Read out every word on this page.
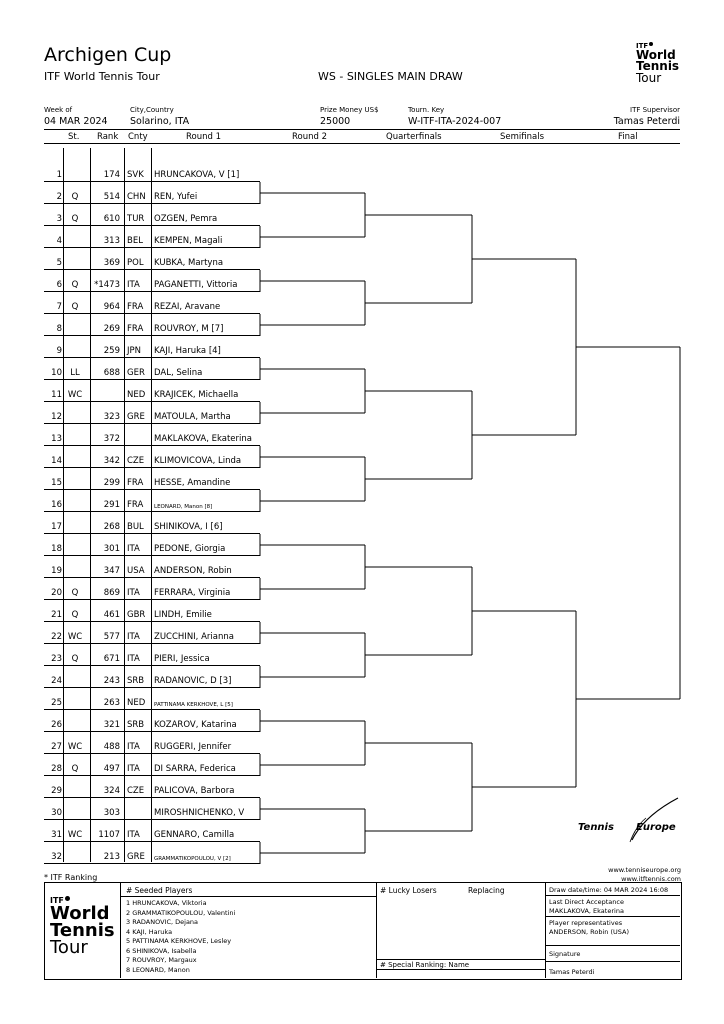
Archigen Cup
ITF World Tennis Tour	WS - SINGLES MAIN DRAW
ITF
World
Tennis
Tour
Week of
04 MAR 2024
City,Country
Solarino, ITA
Prize Money US$
25000
Tourn. Key
W-ITF-ITA-2024-007
ITF Supervisor
Tamas Peterdi
St. Rank Cnty	Round 1	Round 2	Quarterfinals	Semifinals	Final
1	174 SVK	HRUNCAKOVA, V [1]
2	Q	514 CHN REN, Yufei
3	Q	610 TUR	OZGEN, Pemra
4	313 BEL	KEMPEN, Magali
5	369 POL	KUBKA, Martyna
6	Q	*1473 ITA	PAGANETTI, Vittoria
7	Q	964 FRA	REZAI, Aravane
8	269 FRA	ROUVROY, M [7]
9	259 JPN	KAJI, Haruka [4]
10 LL	688 GER	DAL, Selina
11 WC	NED	KRAJICEK, Michaella
12	323 GRE	MATOULA, Martha
13	372	MAKLAKOVA, Ekaterina
14	342 CZE	KLIMOVICOVA, Linda
15	299 FRA	HESSE, Amandine
16	291 FRA	LEONARD, Manon [8]
17	268 BUL	SHINIKOVA, I [6]
18	301 ITA	PEDONE, Giorgia
19	347 USA	ANDERSON, Robin
20	Q	869 ITA	FERRARA, Virginia
21	Q	461 GBR	LINDH, Emilie
22 WC	577 ITA	ZUCCHINI, Arianna
23	Q	671 ITA	PIERI, Jessica
24	243 SRB	RADANOVIC, D [3]
25	263 NED	PATTINAMA KERKHOVE, L [5]
26	321 SRB	KOZAROV, Katarina
27 WC	488 ITA	RUGGERI, Jennifer
28	Q	497 ITA	DI SARRA, Federica
29	324 CZE	PALICOVA, Barbora
30	303	MIROSHNICHENKO, V
31 WC	1107 ITA	GENNARO, Camilla
32	213 GRE	GRAMMATIKOPOULOU, V [2]
Tennis Europe
www.tenniseurope.org
www.itftennis.com
* ITF Ranking
ITF
World
Tennis
Tour
# Seeded Players
1 HRUNCAKOVA, Viktoria
2 GRAMMATIKOPOULOU, Valentini
3 RADANOVIC, Dejana
4 KAJI, Haruka
5 PATTINAMA KERKHOVE, Lesley
6 SHINIKOVA, Isabella
7 ROUVROY, Margaux
8 LEONARD, Manon
# Lucky Losers	Replacing
# Special Ranking: Name
Draw date/time: 04 MAR 2024 16:08
Last Direct Acceptance
MAKLAKOVA, Ekaterina
Player representatives
ANDERSON, Robin (USA)
Signature
Tamas Peterdi
